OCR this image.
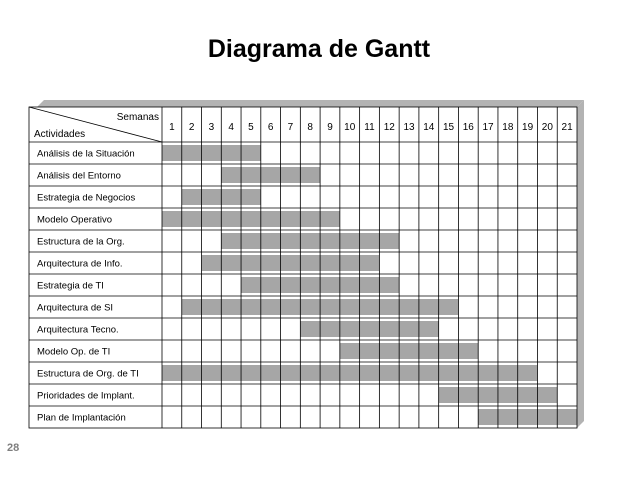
Diagrama de Gantt
Semanas
Actividades
1 2 3 4 5 6 7 8 9 10 11 12 13 14 15 16 17 18 19 20 21
Análisis de la Situación
Análisis del Entorno
Estrategia de Negocios
Modelo Operativo
Estructura de la Org.
Arquitectura de Info.
Estrategia de TI
Arquitectura de SI
Arquitectura Tecno.
Modelo Op. de TI
Estructura de Org. de TI
Prioridades de Implant.
Plan de Implantación
28
